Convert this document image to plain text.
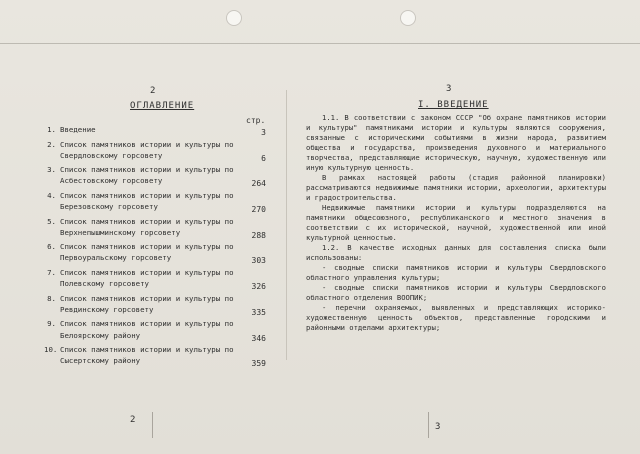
2
ОГЛАВЛЕНИЕ
стр.
1. Введение	3
2. Список памятников истории и культуры по Свердловскому горсовету	6
3. Список памятников истории и культуры по Асбестовскому горсовету	264
4. Список памятников истории и культуры по Березовскому горсовету	270
5. Список памятников истории и культуры по Верхнепышминскому горсовету	288
6. Список памятников истории и культуры по Первоуральскому горсовету	303
7. Список памятников истории и культуры по Полевскому горсовету	326
8. Список памятников истории и культуры по Ревдинскому горсовету	335
9. Список памятников истории и культуры по Белоярскому району	346
10. Список памятников истории и культуры по Сысертскому району	359
3
I. ВВЕДЕНИЕ

1.1. В соответствии с законом СССР "Об охране памятников истории и культуры" памятниками истории и культуры являются сооружения, связанные с историческими событиями в жизни народа, развитием общества и государства, произведения духовного и материального творчества, представляющие историческую, научную, художественную или иную культурную ценность.

В рамках настоящей работы (стадия районной планировки) рассматриваются недвижимые памятники истории, археологии, архитектуры и градостроительства.

Недвижимые памятники истории и культуры подразделяются на памятники общесоюзного, республиканского и местного значения в соответствии с их исторической, научной, художественной или иной культурной ценностью.

1.2. В качестве исходных данных для составления списка были использованы:

- сводные списки памятников истории и культуры Свердловского областного управления культуры;

- сводные списки памятников истории и культуры Свердловского областного отделения ВООПИК;

- перечни охраняемых, выявленных и представляющих историко-художественную ценность объектов, представленные городскими и районными отделами архитектуры;

2
3
